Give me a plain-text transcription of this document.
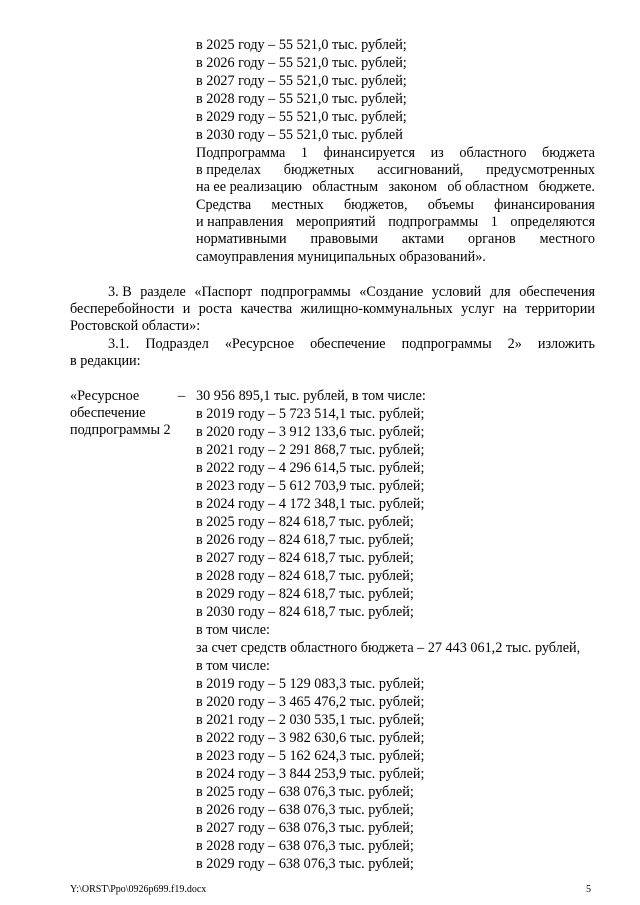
в 2025 году – 55 521,0 тыс. рублей;
в 2026 году – 55 521,0 тыс. рублей;
в 2027 году – 55 521,0 тыс. рублей;
в 2028 году – 55 521,0 тыс. рублей;
в 2029 году – 55 521,0 тыс. рублей;
в 2030 году – 55 521,0 тыс. рублей
Подпрограмма 1 финансируется из областного бюджета
в пределах бюджетных ассигнований, предусмотренных
на ее реализацию областным законом об областном бюджете.
Средства местных бюджетов, объемы финансирования
и направления мероприятий подпрограммы 1 определяются
нормативными правовыми актами органов местного
самоуправления муниципальных образований».
3. В разделе «Паспорт подпрограммы «Создание условий для обеспечения
бесперебойности и роста качества жилищно-коммунальных услуг на территории
Ростовской области»:
3.1. Подраздел «Ресурсное обеспечение подпрограммы 2» изложить
в редакции:
«Ресурсное
обеспечение
подпрограммы 2
– 30 956 895,1 тыс. рублей, в том числе:
в 2019 году – 5 723 514,1 тыс. рублей;
в 2020 году – 3 912 133,6 тыс. рублей;
в 2021 году – 2 291 868,7 тыс. рублей;
в 2022 году – 4 296 614,5 тыс. рублей;
в 2023 году – 5 612 703,9 тыс. рублей;
в 2024 году – 4 172 348,1 тыс. рублей;
в 2025 году – 824 618,7 тыс. рублей;
в 2026 году – 824 618,7 тыс. рублей;
в 2027 году – 824 618,7 тыс. рублей;
в 2028 году – 824 618,7 тыс. рублей;
в 2029 году – 824 618,7 тыс. рублей;
в 2030 году – 824 618,7 тыс. рублей;
в том числе:
за счет средств областного бюджета – 27 443 061,2 тыс. рублей,
в том числе:
в 2019 году – 5 129 083,3 тыс. рублей;
в 2020 году – 3 465 476,2 тыс. рублей;
в 2021 году – 2 030 535,1 тыс. рублей;
в 2022 году – 3 982 630,6 тыс. рублей;
в 2023 году – 5 162 624,3 тыс. рублей;
в 2024 году – 3 844 253,9 тыс. рублей;
в 2025 году – 638 076,3 тыс. рублей;
в 2026 году – 638 076,3 тыс. рублей;
в 2027 году – 638 076,3 тыс. рублей;
в 2028 году – 638 076,3 тыс. рублей;
в 2029 году – 638 076,3 тыс. рублей;
Y:\ORST\Ppo\0926p699.f19.docx	5
